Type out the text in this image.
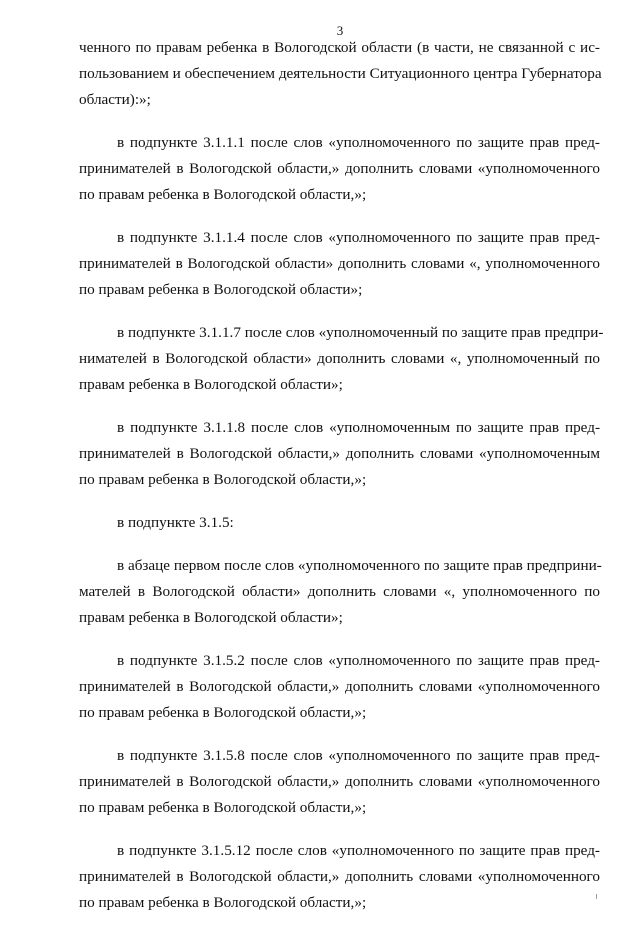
3
ченного по правам ребенка в Вологодской области (в части, не связанной с ис-
пользованием и обеспечением деятельности Ситуационного центра Губернатора
области):»;
в подпункте 3.1.1.1 после слов «уполномоченного по защите прав пред-
принимателей в Вологодской области,» дополнить словами «уполномоченного
по правам ребенка в Вологодской области,»;
в подпункте 3.1.1.4 после слов «уполномоченного по защите прав пред-
принимателей в Вологодской области» дополнить словами «, уполномоченного
по правам ребенка в Вологодской области»;
в подпункте 3.1.1.7 после слов «уполномоченный по защите прав предпри-
нимателей в Вологодской области» дополнить словами «, уполномоченный по
правам ребенка в Вологодской области»;
в подпункте 3.1.1.8 после слов «уполномоченным по защите прав пред-
принимателей в Вологодской области,» дополнить словами «уполномоченным
по правам ребенка в Вологодской области,»;
в подпункте 3.1.5:
в абзаце первом после слов «уполномоченного по защите прав предприни-
мателей в Вологодской области» дополнить словами «, уполномоченного по
правам ребенка в Вологодской области»;
в подпункте 3.1.5.2 после слов «уполномоченного по защите прав пред-
принимателей в Вологодской области,» дополнить словами «уполномоченного
по правам ребенка в Вологодской области,»;
в подпункте 3.1.5.8 после слов «уполномоченного по защите прав пред-
принимателей в Вологодской области,» дополнить словами «уполномоченного
по правам ребенка в Вологодской области,»;
в подпункте 3.1.5.12 после слов «уполномоченного по защите прав пред-
принимателей в Вологодской области,» дополнить словами «уполномоченного
по правам ребенка в Вологодской области,»;
